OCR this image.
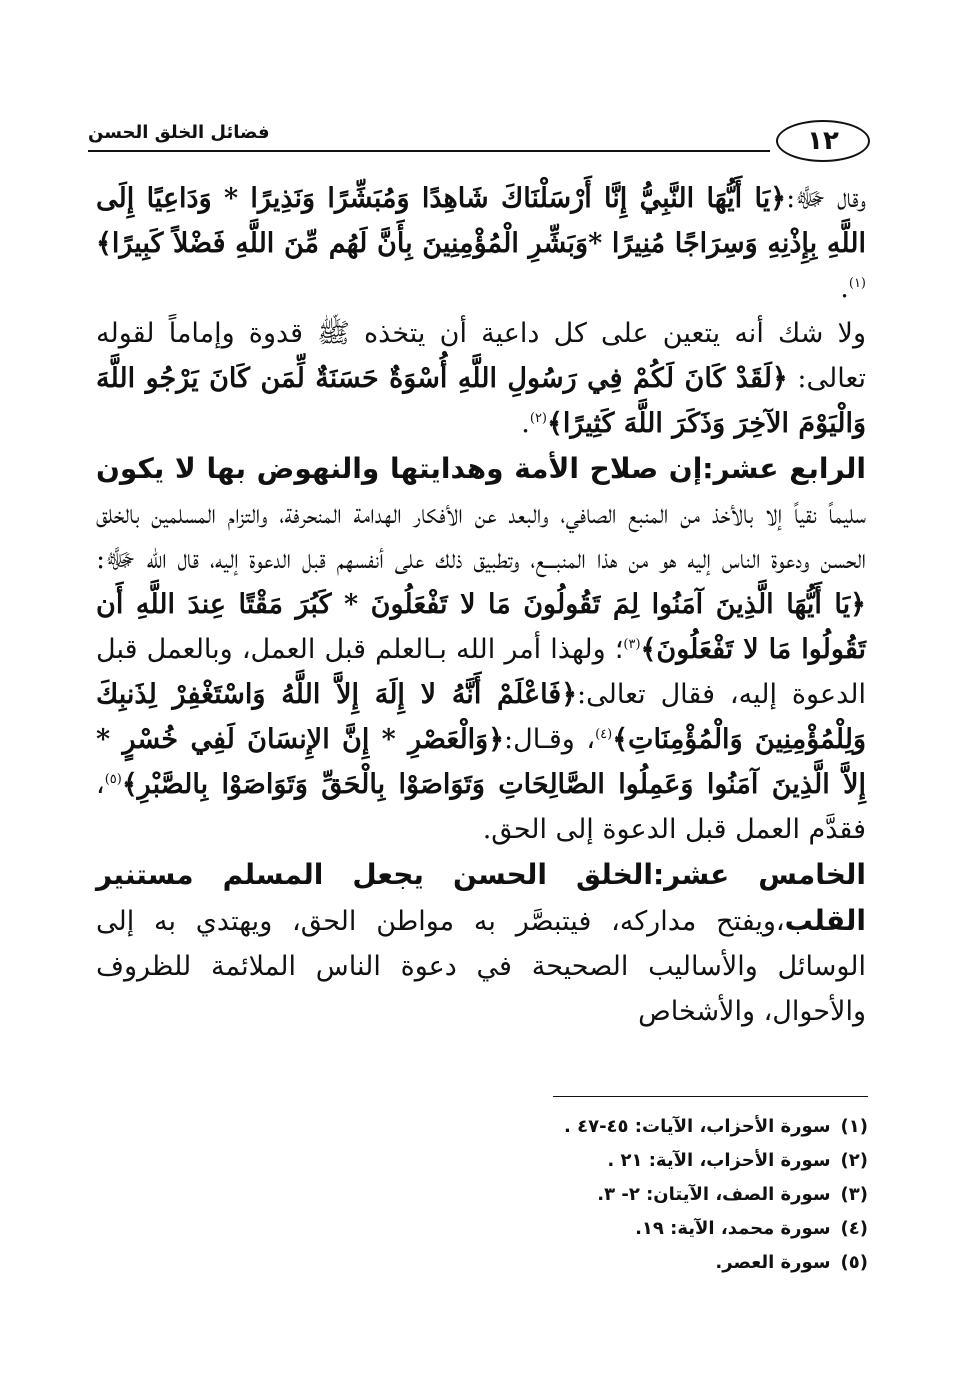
فضائل الخلق الحسن	١٢

وقال ﷻ:﴿يَا أَيُّهَا النَّبِيُّ إِنَّا أَرْسَلْنَاكَ شَاهِدًا وَمُبَشِّرًا وَنَذِيرًا * وَدَاعِيًا إِلَى اللَّهِ بِإِذْنِهِ وَسِرَاجًا مُنِيرًا *وَبَشِّرِ الْمُؤْمِنِينَ بِأَنَّ لَهُم مِّنَ اللَّهِ فَضْلاً كَبِيرًا﴾$^{(١)}$.

ولا شك أنه يتعين على كل داعية أن يتخذه ﷺ قدوة وإماماً لقوله تعالى: ﴿لَقَدْ كَانَ لَكُمْ فِي رَسُولِ اللَّهِ أُسْوَةٌ حَسَنَةٌ لِّمَن كَانَ يَرْجُو اللَّهَ وَالْيَوْمَ الآخِرَ وَذَكَرَ اللَّهَ كَثِيرًا﴾$^{(٢)}$.

الرابع عشر:إن صلاح الأمة وهدايتها والنهوض بها لا يكون سليماً نقياً إلا بالأخذ من المنبع الصافي، والبعد عن الأفكار الهدامة المنحرفة، والتزام المسلمين بالخلق الحسن ودعوة الناس إليه هو من هذا المنبـــع، وتطبيق ذلك على أنفسهم قبل الدعوة إليه، قال الله ﷻ: ﴿يَا أَيُّهَا الَّذِينَ آمَنُوا لِمَ تَقُولُونَ مَا لا تَفْعَلُونَ * كَبُرَ مَقْتًا عِندَ اللَّهِ أَن تَقُولُوا مَا لا تَفْعَلُونَ﴾$^{(٣)}$؛ ولهذا أمر الله بـالعلم قبل العمل، وبالعمل قبل الدعوة إليه، فقال تعالى:﴿فَاعْلَمْ أَنَّهُ لا إِلَهَ إِلاَّ اللَّهُ وَاسْتَغْفِرْ لِذَنبِكَ وَلِلْمُؤْمِنِينَ وَالْمُؤْمِنَاتِ﴾$^{(٤)}$، وقـال:﴿وَالْعَصْرِ * إِنَّ الإِنسَانَ لَفِي خُسْرٍ * إِلاَّ الَّذِينَ آمَنُوا وَعَمِلُوا الصَّالِحَاتِ وَتَوَاصَوْا بِالْحَقِّ وَتَوَاصَوْا بِالصَّبْرِ﴾$^{(٥)}$، فقدَّم العمل قبل الدعوة إلى الحق.

الخامس عشر:الخلق الحسن يجعل المسلم مستنير القلب،ويفتح مداركه، فيتبصَّر به مواطن الحق، ويهتدي به إلى الوسائل والأساليب الصحيحة في دعوة الناس الملائمة للظروف والأحوال، والأشخاص

(١)سورة الأحزاب، الآيات: ٤٥-٤٧ .
(٢)سورة الأحزاب، الآية: ٢١ .
(٣)سورة الصف، الآيتان: ٢- ٣.
(٤)سورة محمد، الآية: ١٩.
(٥)سورة العصر.
